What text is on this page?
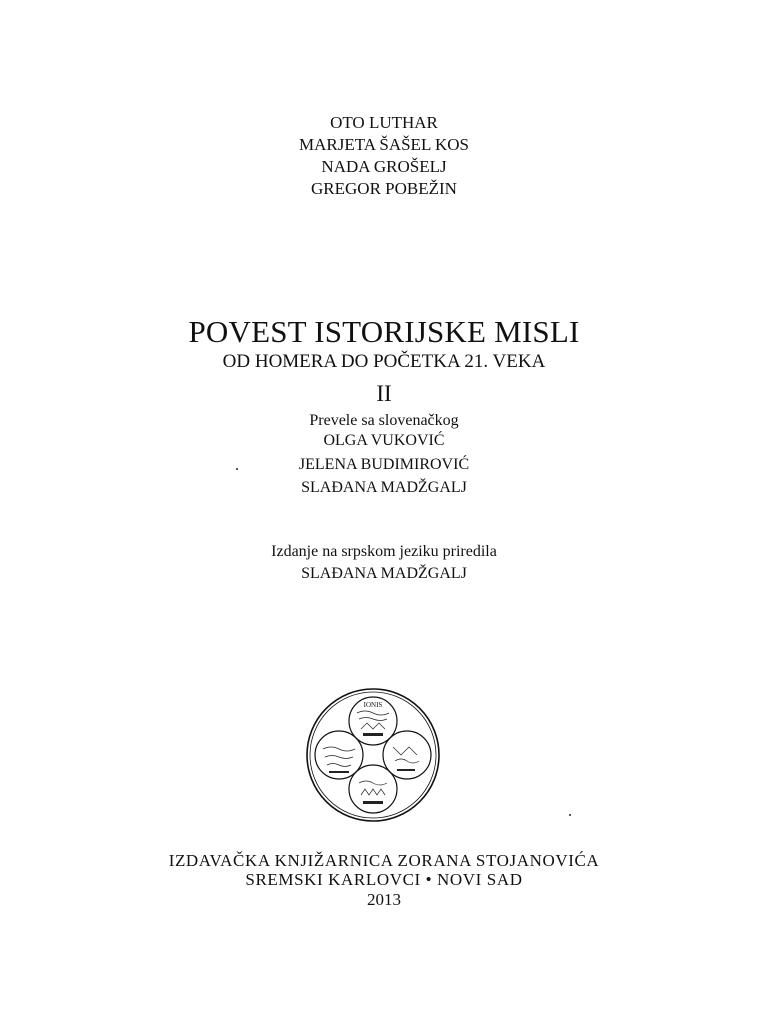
OTO LUTHAR
MARJETA ŠAŠEL KOS
NADA GROŠELJ
GREGOR POBEŽIN
POVEST ISTORIJSKE MISLI
OD HOMERA DO POČETKA 21. VEKA
II
Prevele sa slovenačkog
OLGA VUKOVIĆ
JELENA BUDIMIROVIĆ
SLAĐANA MADŽGALJ
Izdanje na srpskom jeziku priredila
SLAĐANA MADŽGALJ
IONIS
IZDAVAČKA KNJIŽARNICA ZORANA STOJANOVIĆA
SREMSKI KARLOVCI • NOVI SAD
2013
